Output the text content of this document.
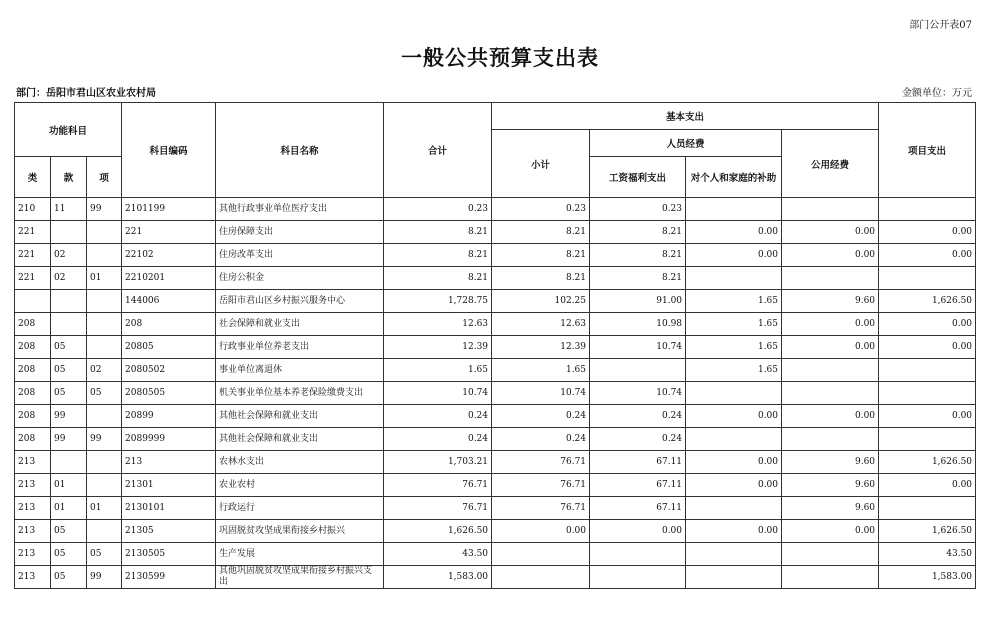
部门公开表07
一般公共预算支出表
部门：岳阳市君山区农业农村局	金额单位：万元
功能科目			科目编码	科目名称	合计	基本支出				项目支出
						小计	人员经费		公用经费	
类	款	项					工资福利支出	对个人和家庭的补助		
210	11	99	2101199	其他行政事业单位医疗支出	0.23	0.23	0.23			
221			221	住房保障支出	8.21	8.21	8.21	0.00	0.00	0.00
221	02		22102	住房改革支出	8.21	8.21	8.21	0.00	0.00	0.00
221	02	01	2210201	住房公积金	8.21	8.21	8.21			
			144006	岳阳市君山区乡村振兴服务中心	1,728.75	102.25	91.00	1.65	9.60	1,626.50
208			208	社会保障和就业支出	12.63	12.63	10.98	1.65	0.00	0.00
208	05		20805	行政事业单位养老支出	12.39	12.39	10.74	1.65	0.00	0.00
208	05	02	2080502	事业单位离退休	1.65	1.65		1.65		
208	05	05	2080505	机关事业单位基本养老保险缴费支出	10.74	10.74	10.74			
208	99		20899	其他社会保障和就业支出	0.24	0.24	0.24	0.00	0.00	0.00
208	99	99	2089999	其他社会保障和就业支出	0.24	0.24	0.24			
213			213	农林水支出	1,703.21	76.71	67.11	0.00	9.60	1,626.50
213	01		21301	农业农村	76.71	76.71	67.11	0.00	9.60	0.00
213	01	01	2130101	行政运行	76.71	76.71	67.11		9.60	
213	05		21305	巩固脱贫攻坚成果衔接乡村振兴	1,626.50	0.00	0.00	0.00	0.00	1,626.50
213	05	05	2130505	生产发展	43.50					43.50
213	05	99	2130599	其他巩固脱贫攻坚成果衔接乡村振兴支出	1,583.00					1,583.00
